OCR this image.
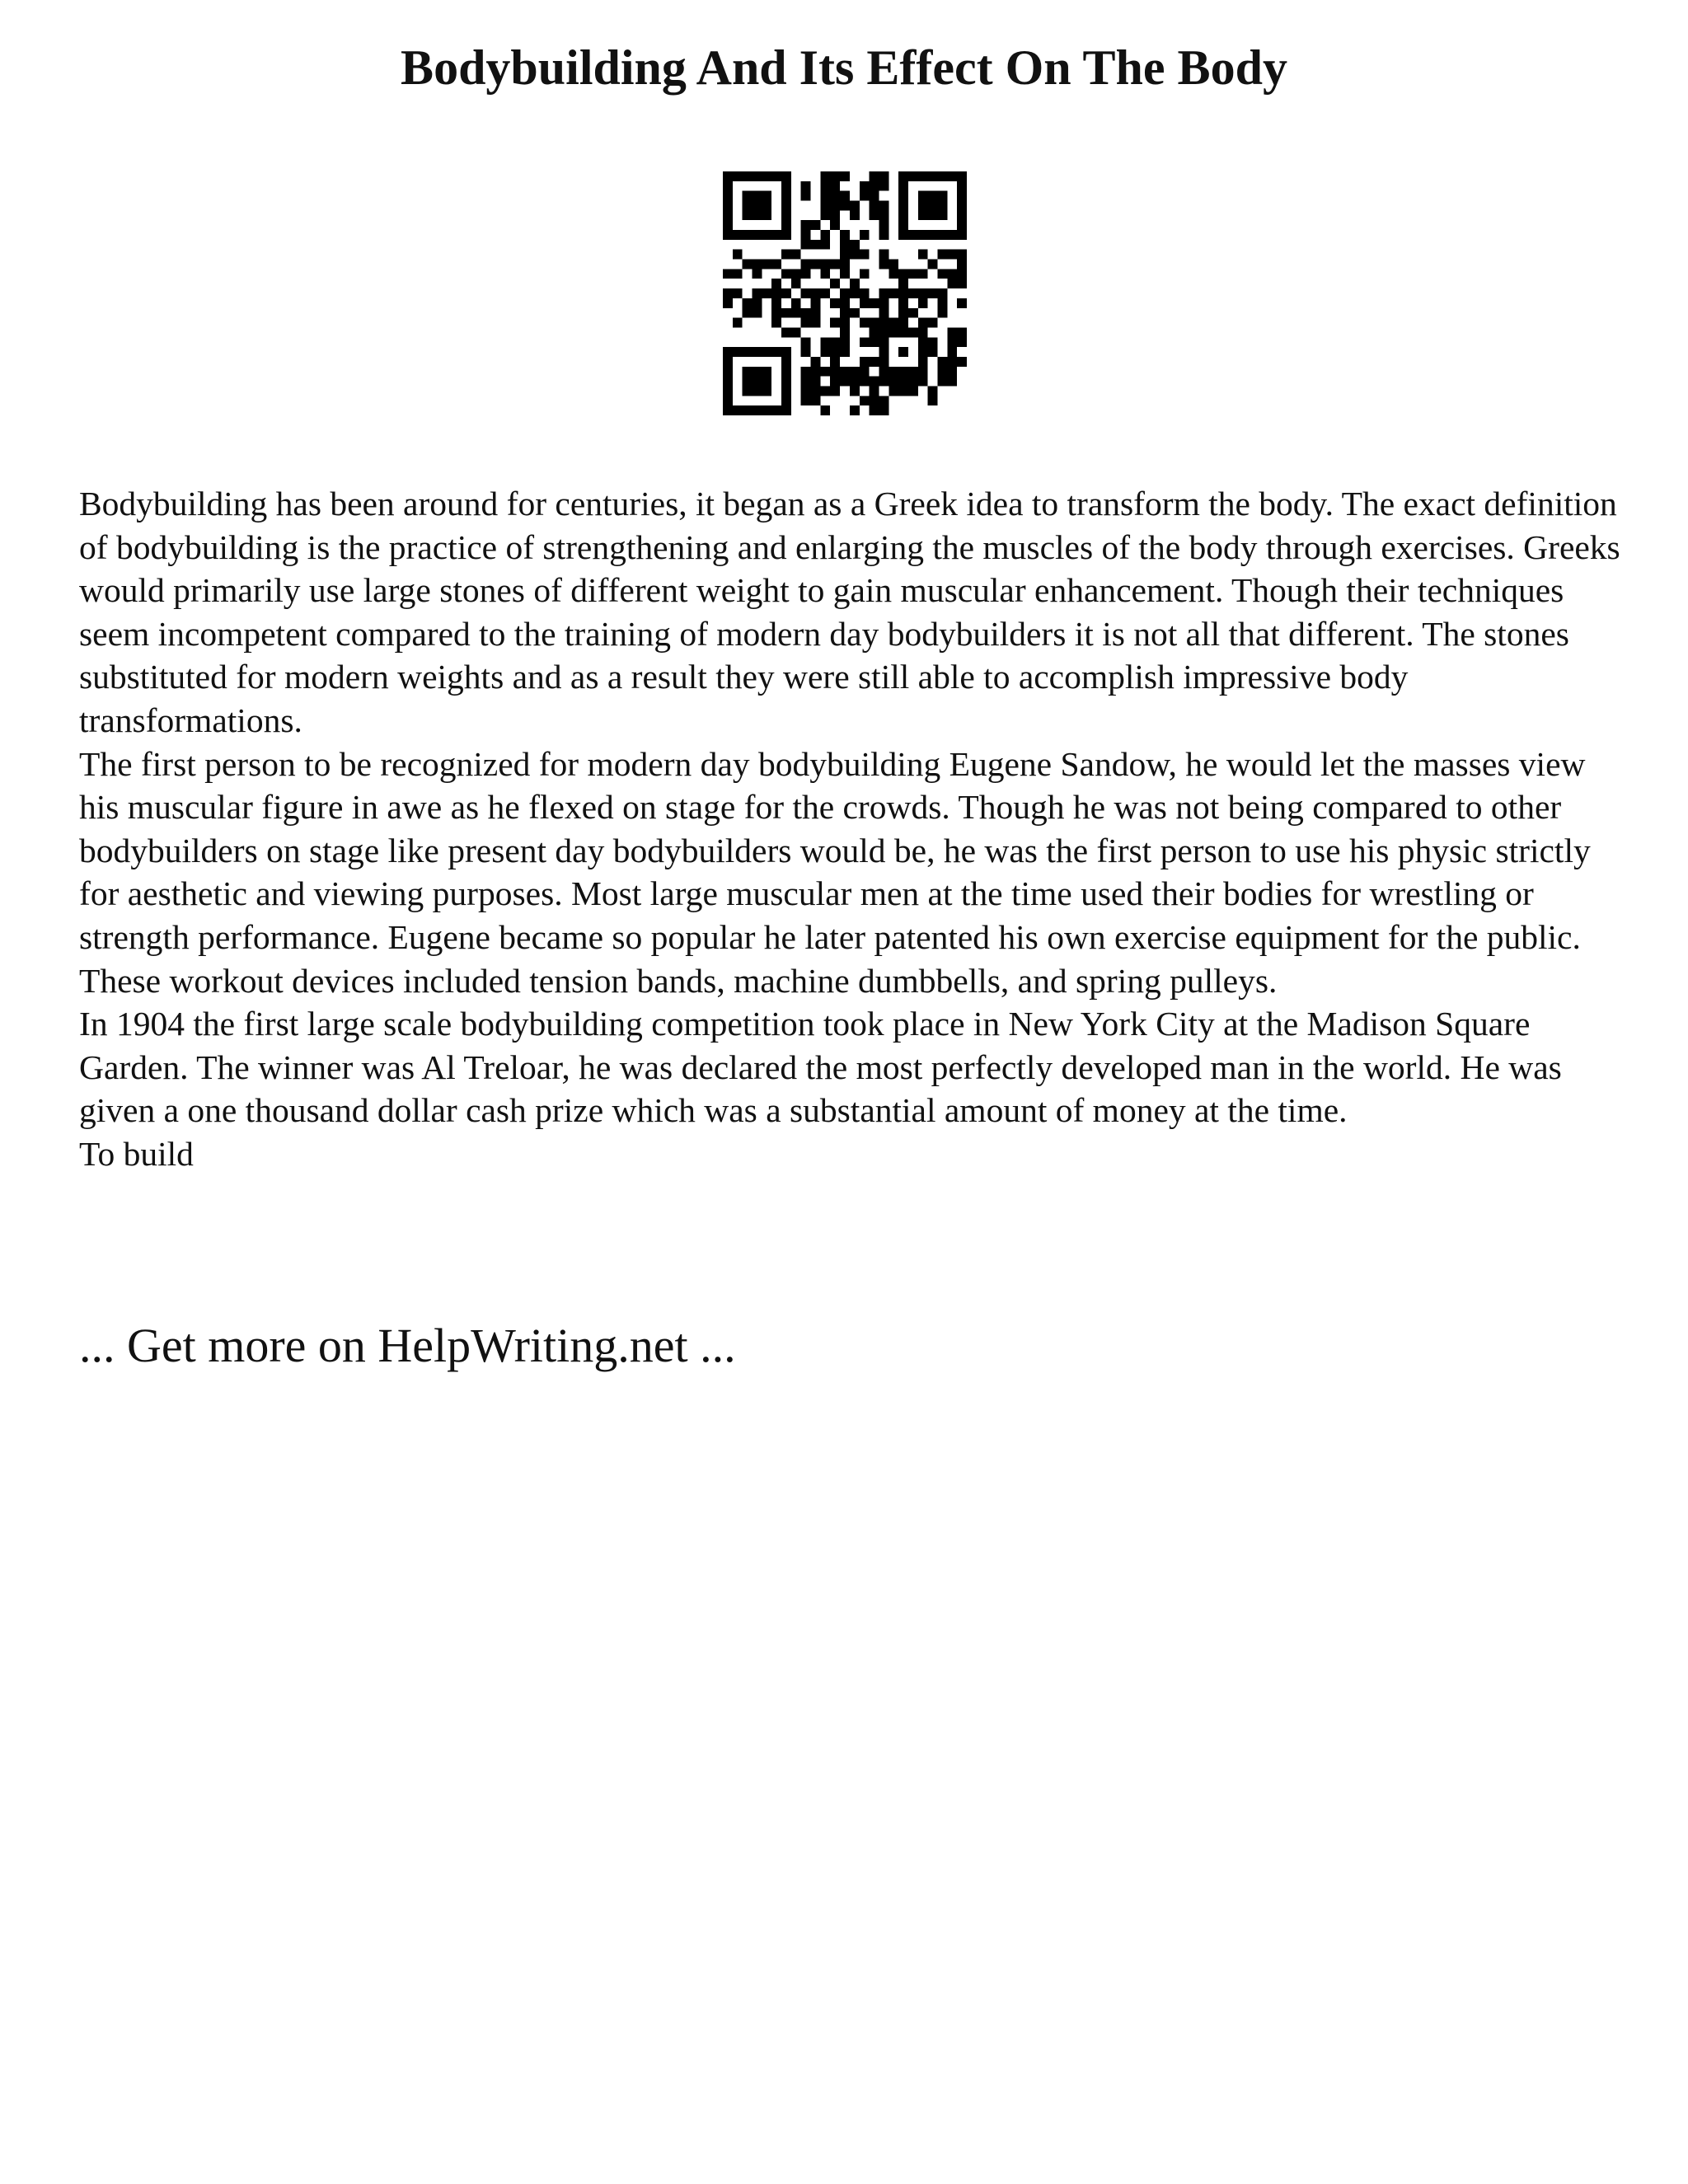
Bodybuilding And Its Effect On The Body

Bodybuilding has been around for centuries, it began as a Greek idea to transform the body. The exact definition of bodybuilding is the practice of strengthening and enlarging the muscles of the body through exercises. Greeks would primarily use large stones of different weight to gain muscular enhancement. Though their techniques seem incompetent compared to the training of modern day bodybuilders it is not all that different. The stones substituted for modern weights and as a result they were still able to accomplish impressive body transformations.

The first person to be recognized for modern day bodybuilding Eugene Sandow, he would let the masses view his muscular figure in awe as he flexed on stage for the crowds. Though he was not being compared to other bodybuilders on stage like present day bodybuilders would be, he was the first person to use his physic strictly for aesthetic and viewing purposes. Most large muscular men at the time used their bodies for wrestling or strength performance. Eugene became so popular he later patented his own exercise equipment for the public. These workout devices included tension bands, machine dumbbells, and spring pulleys.

In 1904 the first large scale bodybuilding competition took place in New York City at the Madison Square Garden. The winner was Al Treloar, he was declared the most perfectly developed man in the world. He was given a one thousand dollar cash prize which was a substantial amount of money at the time.

To build

... Get more on HelpWriting.net ...
